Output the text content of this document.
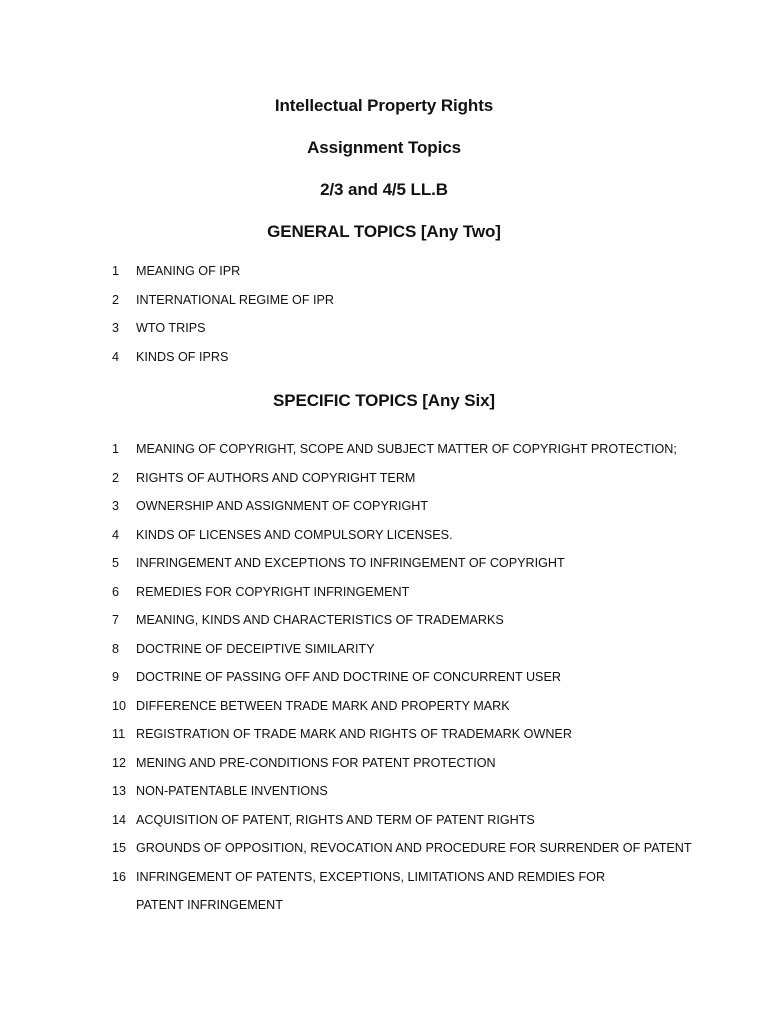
Intellectual Property Rights
Assignment Topics
2/3 and 4/5 LL.B
GENERAL TOPICS [Any Two]
1	MEANING OF IPR
2	INTERNATIONAL REGIME OF IPR
3	WTO TRIPS
4	KINDS OF IPRS
SPECIFIC TOPICS [Any Six]
1	MEANING OF COPYRIGHT, SCOPE AND SUBJECT MATTER OF COPYRIGHT PROTECTION;
2	RIGHTS OF AUTHORS AND COPYRIGHT TERM
3	OWNERSHIP AND ASSIGNMENT OF COPYRIGHT
4	KINDS OF LICENSES AND COMPULSORY LICENSES.
5	INFRINGEMENT AND EXCEPTIONS TO INFRINGEMENT OF COPYRIGHT
6	REMEDIES FOR COPYRIGHT INFRINGEMENT
7	MEANING, KINDS AND CHARACTERISTICS OF TRADEMARKS
8	DOCTRINE OF DECEIPTIVE SIMILARITY
9	DOCTRINE OF PASSING OFF AND DOCTRINE OF CONCURRENT USER
10 DIFFERENCE BETWEEN TRADE MARK AND PROPERTY MARK
11 REGISTRATION OF TRADE MARK AND RIGHTS OF TRADEMARK OWNER
12 MENING AND PRE-CONDITIONS FOR PATENT PROTECTION
13 NON-PATENTABLE INVENTIONS
14 ACQUISITION OF PATENT, RIGHTS AND TERM OF PATENT RIGHTS
15 GROUNDS OF OPPOSITION, REVOCATION AND PROCEDURE FOR SURRENDER OF PATENT
16 INFRINGEMENT OF PATENTS, EXCEPTIONS, LIMITATIONS AND REMDIES FOR PATENT INFRINGEMENT
